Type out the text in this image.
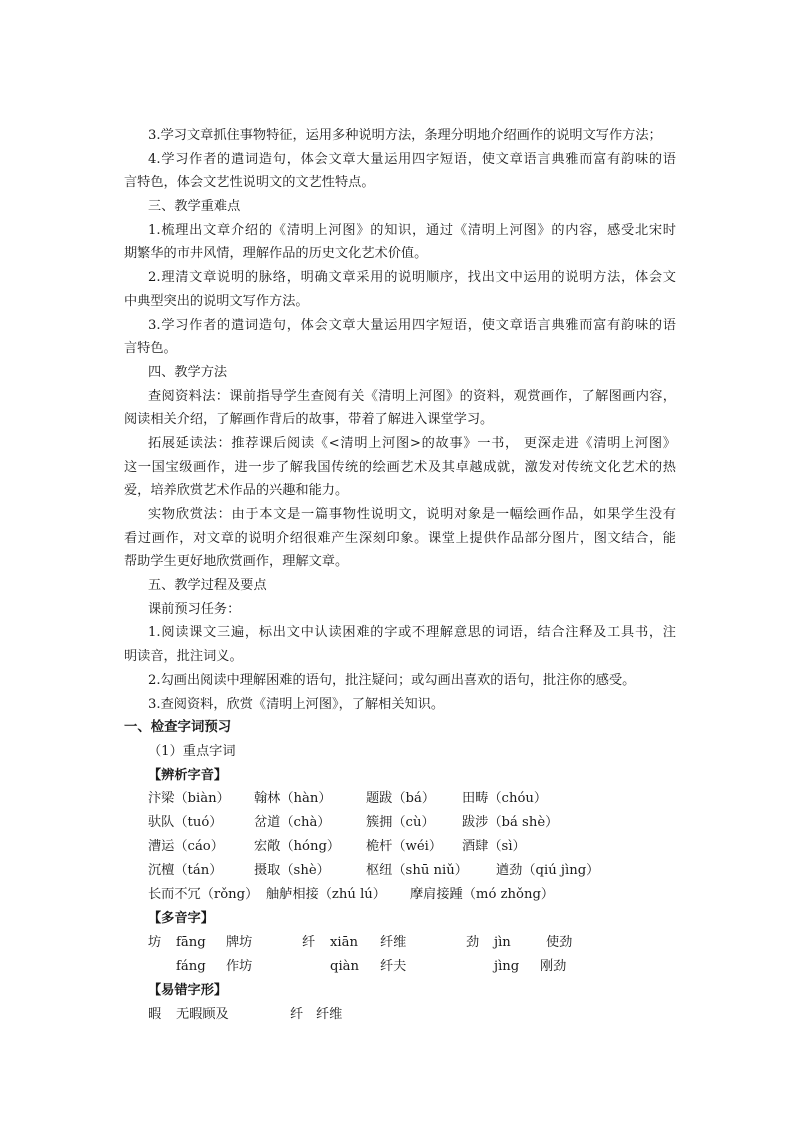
3.学习文章抓住事物特征，运用多种说明方法，条理分明地介绍画作的说明文写作方法；
4.学习作者的遣词造句，体会文章大量运用四字短语，使文章语言典雅而富有韵味的语
言特色，体会文艺性说明文的文艺性特点。
三、教学重难点
1.梳理出文章介绍的《清明上河图》的知识，通过《清明上河图》的内容，感受北宋时
期繁华的市井风情，理解作品的历史文化艺术价值。
2.理清文章说明的脉络，明确文章采用的说明顺序，找出文中运用的说明方法，体会文
中典型突出的说明文写作方法。
3.学习作者的遣词造句，体会文章大量运用四字短语，使文章语言典雅而富有韵味的语
言特色。
四、教学方法
查阅资料法：课前指导学生查阅有关《清明上河图》的资料，观赏画作，了解图画内容，
阅读相关介绍，了解画作背后的故事，带着了解进入课堂学习。
拓展延读法：推荐课后阅读《<清明上河图>的故事》一书， 更深走进《清明上河图》
这一国宝级画作，进一步了解我国传统的绘画艺术及其卓越成就，激发对传统文化艺术的热
爱，培养欣赏艺术作品的兴趣和能力。
实物欣赏法：由于本文是一篇事物性说明文，说明对象是一幅绘画作品，如果学生没有
看过画作，对文章的说明介绍很难产生深刻印象。课堂上提供作品部分图片，图文结合，能
帮助学生更好地欣赏画作，理解文章。
五、教学过程及要点
课前预习任务：
1.阅读课文三遍，标出文中认读困难的字或不理解意思的词语，结合注释及工具书，注
明读音，批注词义。
2.勾画出阅读中理解困难的语句，批注疑问；或勾画出喜欢的语句，批注你的感受。
3.查阅资料，欣赏《清明上河图》，了解相关知识。
一、检查字词预习
（1）重点字词
【辨析字音】
汴梁（biàn） 翰林（hàn）	题跋（bá） 田畴（chóu）
驮队（tuó） 岔道（chà）	簇拥（cù） 跋涉（bá shè）
漕运（cáo） 宏敞（hóng） 桅杆（wéi） 酒肆（sì）
沉檀（tán） 摄取（shè）	枢纽（shū niǔ） 遒劲（qiú jìng）
长而不冗（rǒng） 舳舻相接（zhú lú） 摩肩接踵（mó zhǒng）
【多音字】
坊 fāng 牌坊	纤 xiān 纤维	劲 jìn	使劲
fáng 作坊	qiàn 纤夫	jìng 刚劲
【易错字形】
暇 无暇顾及	纤 纤维
